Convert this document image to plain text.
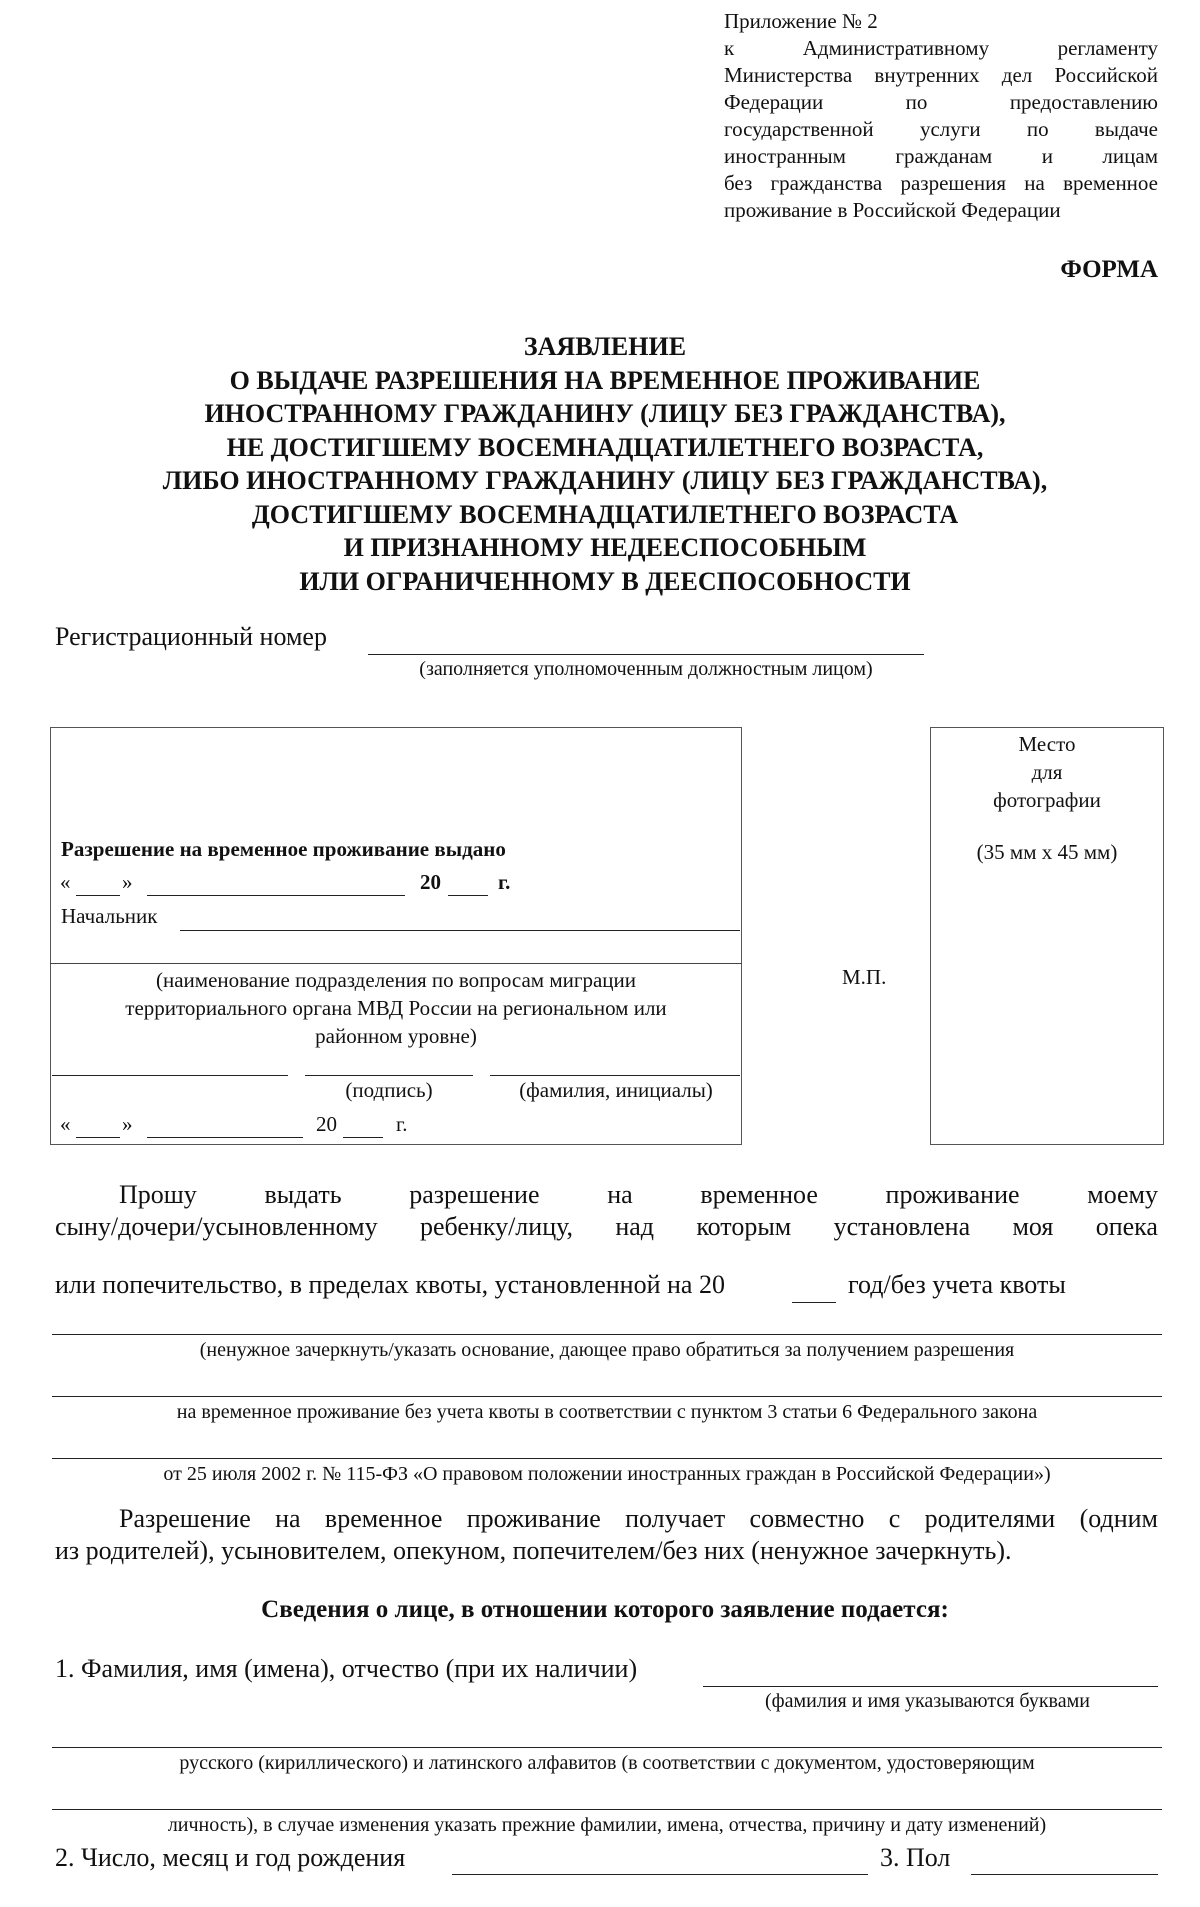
Приложение № 2
к Административному регламенту
Министерства внутренних дел Российской
Федерации по предоставлению
государственной услуги по выдаче
иностранным гражданам и лицам
без гражданства разрешения на временное
проживание в Российской Федерации
ФОРМА
ЗАЯВЛЕНИЕ
О ВЫДАЧЕ РАЗРЕШЕНИЯ НА ВРЕМЕННОЕ ПРОЖИВАНИЕ
ИНОСТРАННОМУ ГРАЖДАНИНУ (ЛИЦУ БЕЗ ГРАЖДАНСТВА),
НЕ ДОСТИГШЕМУ ВОСЕМНАДЦАТИЛЕТНЕГО ВОЗРАСТА,
ЛИБО ИНОСТРАННОМУ ГРАЖДАНИНУ (ЛИЦУ БЕЗ ГРАЖДАНСТВА),
ДОСТИГШЕМУ ВОСЕМНАДЦАТИЛЕТНЕГО ВОЗРАСТА
И ПРИЗНАННОМУ НЕДЕЕСПОСОБНЫМ
ИЛИ ОГРАНИЧЕННОМУ В ДЕЕСПОСОБНОСТИ
Регистрационный номер
(заполняется уполномоченным должностным лицом)
Разрешение на временное проживание выдано
« »	20	г.
Начальник
(наименование подразделения по вопросам миграции
территориального органа МВД России на региональном или
районном уровне)
(подпись)	(фамилия, инициалы)
« »	20	г.
М.П.
Место
для
фотографии
(35 мм х 45 мм)
Прошу	выдать	разрешение	на	временное	проживание	моему
сыну/дочери/усыновленному ребенку/лицу, над которым установлена моя опека
или попечительство, в пределах квоты, установленной на 20	год/без учета квоты
(ненужное зачеркнуть/указать основание, дающее право обратиться за получением разрешения
на временное проживание без учета квоты в соответствии с пунктом 3 статьи 6 Федерального закона
от 25 июля 2002 г. № 115-ФЗ «О правовом положении иностранных граждан в Российской Федерации»)
Разрешение на временное проживание получает совместно с родителями (одним
из родителей), усыновителем, опекуном, попечителем/без них (ненужное зачеркнуть).
Сведения о лице, в отношении которого заявление подается:
1. Фамилия, имя (имена), отчество (при их наличии)
(фамилия и имя указываются буквами
русского (кириллического) и латинского алфавитов (в соответствии с документом, удостоверяющим
личность), в случае изменения указать прежние фамилии, имена, отчества, причину и дату изменений)
2. Число, месяц и год рождения	3. Пол
